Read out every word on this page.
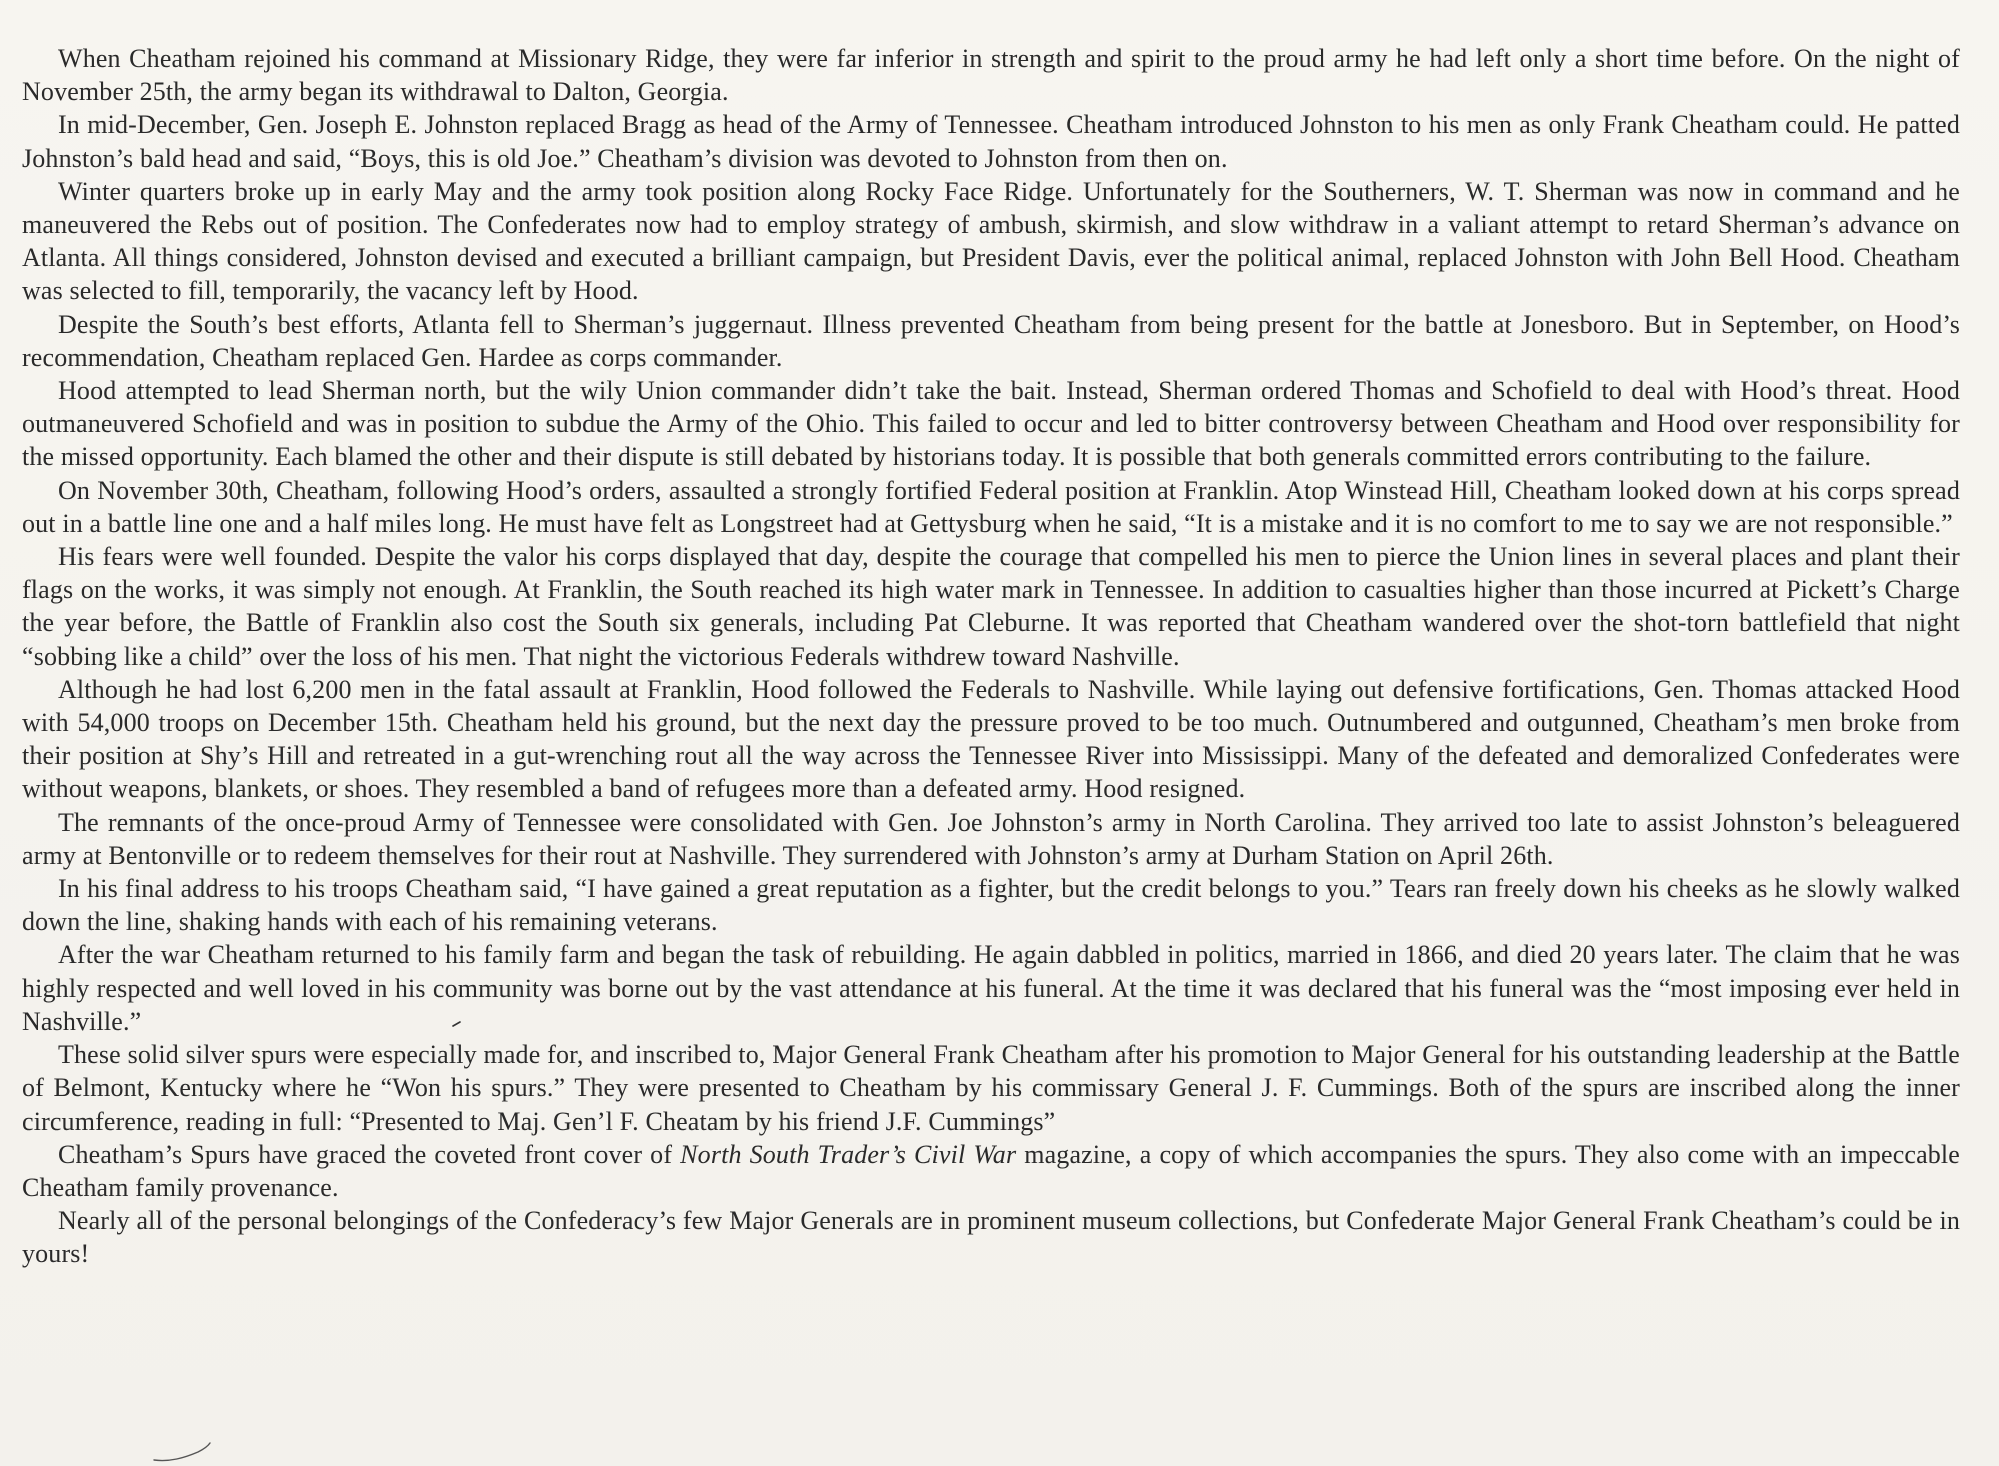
When Cheatham rejoined his command at Missionary Ridge, they were far inferior in strength and spirit to the proud army he had left only a short time before. On the night of November 25th, the army began its withdrawal to Dalton, Georgia.

In mid-December, Gen. Joseph E. Johnston replaced Bragg as head of the Army of Tennessee. Cheatham introduced Johnston to his men as only Frank Cheatham could. He patted Johnston’s bald head and said, “Boys, this is old Joe.” Cheatham’s division was devoted to Johnston from then on.

Winter quarters broke up in early May and the army took position along Rocky Face Ridge. Unfortunately for the Southerners, W. T. Sherman was now in command and he maneuvered the Rebs out of position. The Confederates now had to employ strategy of ambush, skirmish, and slow withdraw in a valiant attempt to retard Sherman’s advance on Atlanta. All things considered, Johnston devised and executed a brilliant campaign, but President Davis, ever the political animal, replaced Johnston with John Bell Hood. Cheatham was selected to fill, temporarily, the vacancy left by Hood.

Despite the South’s best efforts, Atlanta fell to Sherman’s juggernaut. Illness prevented Cheatham from being present for the battle at Jonesboro. But in September, on Hood’s recommendation, Cheatham replaced Gen. Hardee as corps commander.

Hood attempted to lead Sherman north, but the wily Union commander didn’t take the bait. Instead, Sherman ordered Thomas and Schofield to deal with Hood’s threat. Hood outmaneuvered Schofield and was in position to subdue the Army of the Ohio. This failed to occur and led to bitter controversy between Cheatham and Hood over responsibility for the missed opportunity. Each blamed the other and their dispute is still debated by historians today. It is possible that both generals committed errors contributing to the failure.

On November 30th, Cheatham, following Hood’s orders, assaulted a strongly fortified Federal position at Franklin. Atop Winstead Hill, Cheatham looked down at his corps spread out in a battle line one and a half miles long. He must have felt as Longstreet had at Gettysburg when he said, “It is a mistake and it is no comfort to me to say we are not responsible.”

His fears were well founded. Despite the valor his corps displayed that day, despite the courage that compelled his men to pierce the Union lines in several places and plant their flags on the works, it was simply not enough. At Franklin, the South reached its high water mark in Tennessee. In addition to casualties higher than those incurred at Pickett’s Charge the year before, the Battle of Franklin also cost the South six generals, including Pat Cleburne. It was reported that Cheatham wandered over the shot-torn battlefield that night “sobbing like a child” over the loss of his men. That night the victorious Federals withdrew toward Nashville.

Although he had lost 6,200 men in the fatal assault at Franklin, Hood followed the Federals to Nashville. While laying out defensive fortifications, Gen. Thomas attacked Hood with 54,000 troops on December 15th. Cheatham held his ground, but the next day the pressure proved to be too much. Outnumbered and outgunned, Cheatham’s men broke from their position at Shy’s Hill and retreated in a gut-wrenching rout all the way across the Tennessee River into Mississippi. Many of the defeated and demoralized Confederates were without weapons, blankets, or shoes. They resembled a band of refugees more than a defeated army. Hood resigned.

The remnants of the once-proud Army of Tennessee were consolidated with Gen. Joe Johnston’s army in North Carolina. They arrived too late to assist Johnston’s beleaguered army at Bentonville or to redeem themselves for their rout at Nashville. They surrendered with Johnston’s army at Durham Station on April 26th.

In his final address to his troops Cheatham said, “I have gained a great reputation as a fighter, but the credit belongs to you.” Tears ran freely down his cheeks as he slowly walked down the line, shaking hands with each of his remaining veterans.

After the war Cheatham returned to his family farm and began the task of rebuilding. He again dabbled in politics, married in 1866, and died 20 years later. The claim that he was highly respected and well loved in his community was borne out by the vast attendance at his funeral. At the time it was declared that his funeral was the “most imposing ever held in Nashville.”

These solid silver spurs were especially made for, and inscribed to, Major General Frank Cheatham after his promotion to Major General for his outstanding leadership at the Battle of Belmont, Kentucky where he “Won his spurs.” They were presented to Cheatham by his commissary General J. F. Cummings. Both of the spurs are inscribed along the inner circumference, reading in full: “Presented to Maj. Gen’l F. Cheatam by his friend J.F. Cummings”

Cheatham’s Spurs have graced the coveted front cover of North South Trader’s Civil War magazine, a copy of which accompanies the spurs. They also come with an impeccable Cheatham family provenance.

Nearly all of the personal belongings of the Confederacy’s few Major Generals are in prominent museum collections, but Confederate Major General Frank Cheatham’s could be in yours!
